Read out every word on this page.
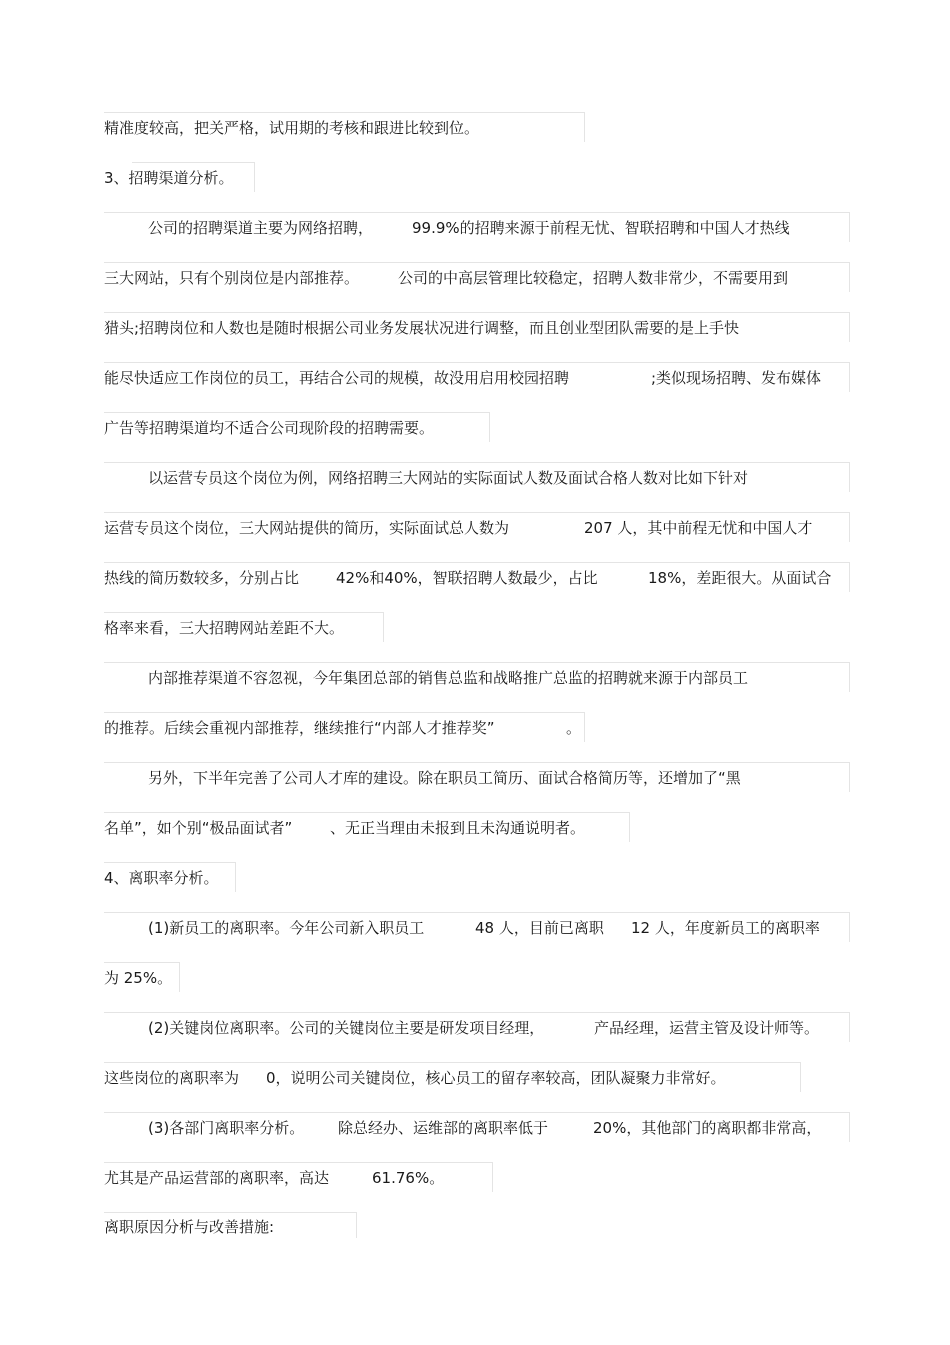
精准度较高，把关严格，试用期的考核和跟进比较到位。
3、招聘渠道分析。
公司的招聘渠道主要为网络招聘，	99.9%的招聘来源于前程无忧、智联招聘和中国人才热线
三大网站，只有个别岗位是内部推荐。	公司的中高层管理比较稳定，招聘人数非常少，不需要用到
猎头;招聘岗位和人数也是随时根据公司业务发展状况进行调整，而且创业型团队需要的是上手快
能尽快适应工作岗位的员工，再结合公司的规模，故没用启用校园招聘	;类似现场招聘、发布媒体
广告等招聘渠道均不适合公司现阶段的招聘需要。
以运营专员这个岗位为例，网络招聘三大网站的实际面试人数及面试合格人数对比如下针对
运营专员这个岗位，三大网站提供的简历，实际面试总人数为	207 人，其中前程无忧和中国人才
热线的简历数较多，分别占比 42%和40%，智联招聘人数最少，占比	18%，差距很大。从面试合
格率来看，三大招聘网站差距不大。
内部推荐渠道不容忽视，今年集团总部的销售总监和战略推广总监的招聘就来源于内部员工
的推荐。后续会重视内部推荐，继续推行“内部人才推荐奖”	。
另外，下半年完善了公司人才库的建设。除在职员工简历、面试合格简历等，还增加了“黑
名单”，如个别“极品面试者”	、无正当理由未报到且未沟通说明者。
4、离职率分析。
(1)新员工的离职率。今年公司新入职员工	48 人，目前已离职 12 人，年度新员工的离职率
为 25%。
(2)关键岗位离职率。公司的关键岗位主要是研发项目经理，	产品经理，运营主管及设计师等。
这些岗位的离职率为 0，说明公司关键岗位，核心员工的留存率较高，团队凝聚力非常好。
(3)各部门离职率分析。 除总经办、运维部的离职率低于	20%，其他部门的离职都非常高，
尤其是产品运营部的离职率，高达	61.76%。
离职原因分析与改善措施:
